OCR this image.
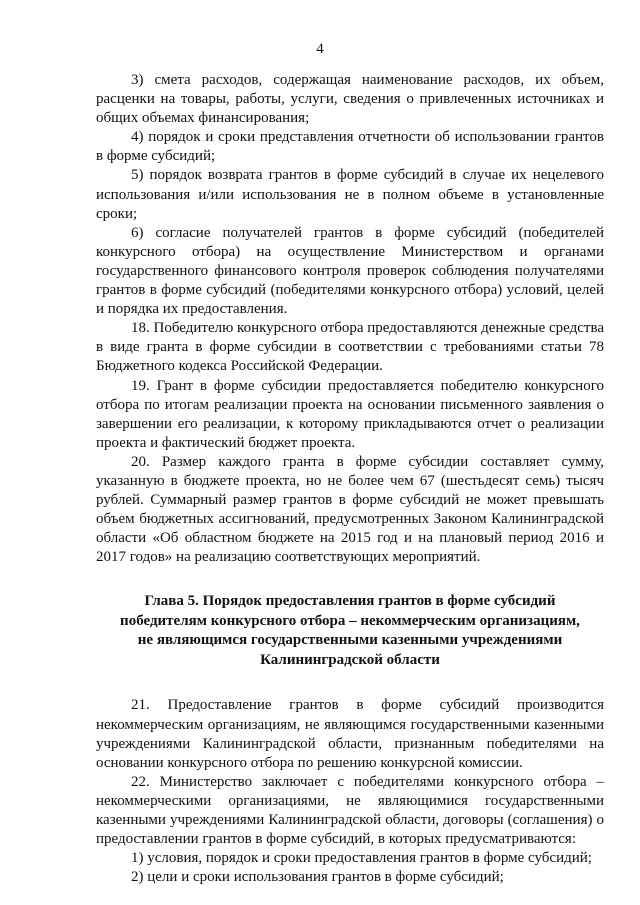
4

3) смета расходов, содержащая наименование расходов, их объем, расценки на товары, работы, услуги, сведения о привлеченных источниках и общих объемах финансирования;

4) порядок и сроки представления отчетности об использовании грантов в форме субсидий;

5) порядок возврата грантов в форме субсидий в случае их нецелевого использования и/или использования не в полном объеме в установленные сроки;

6) согласие получателей грантов в форме субсидий (победителей конкурсного отбора) на осуществление Министерством и органами государственного финансового контроля проверок соблюдения получателями грантов в форме субсидий (победителями конкурсного отбора) условий, целей и порядка их предоставления.

18. Победителю конкурсного отбора предоставляются денежные средства в виде гранта в форме субсидии в соответствии с требованиями статьи 78 Бюджетного кодекса Российской Федерации.

19. Грант в форме субсидии предоставляется победителю конкурсного отбора по итогам реализации проекта на основании письменного заявления о завершении его реализации, к которому прикладываются отчет о реализации проекта и фактический бюджет проекта.

20. Размер каждого гранта в форме субсидии составляет сумму, указанную в бюджете проекта, но не более чем 67 (шестьдесят семь) тысяч рублей. Суммарный размер грантов в форме субсидий не может превышать объем бюджетных ассигнований, предусмотренных Законом Калининградской области «Об областном бюджете на 2015 год и на плановый период 2016 и 2017 годов» на реализацию соответствующих мероприятий.

Глава 5. Порядок предоставления грантов в форме субсидий
победителям конкурсного отбора – некоммерческим организациям,
не являющимся государственными казенными учреждениями
Калининградской области

21. Предоставление грантов в форме субсидий производится некоммерческим организациям, не являющимся государственными казенными учреждениями Калининградской области, признанным победителями на основании конкурсного отбора по решению конкурсной комиссии.

22. Министерство заключает с победителями конкурсного отбора – некоммерческими организациями, не являющимися государственными казенными учреждениями Калининградской области, договоры (соглашения) о предоставлении грантов в форме субсидий, в которых предусматриваются:

1) условия, порядок и сроки предоставления грантов в форме субсидий;

2) цели и сроки использования грантов в форме субсидий;
